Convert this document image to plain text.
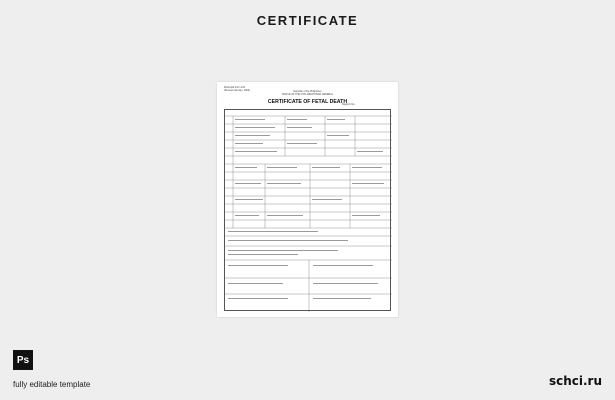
CERTIFICATE
Municipal Form 103
(Revised January, 1993)	Republic of the Philippines
OFFICE OF THE CIVIL REGISTRAR GENERAL
CERTIFICATE OF FETAL DEATH
Registry No.
Ps
fully editable template	schci.ru
